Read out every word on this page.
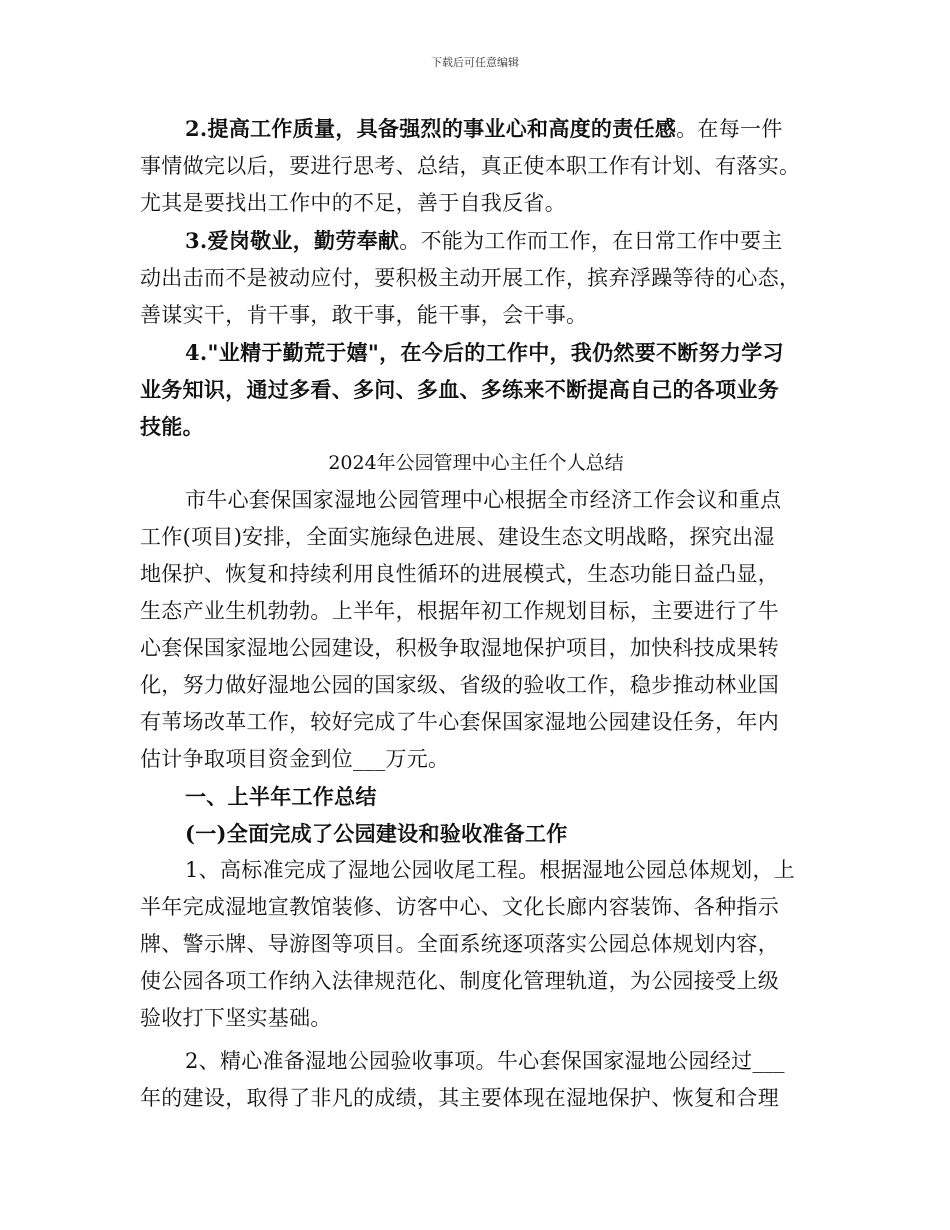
下载后可任意编辑

2.提高工作质量，具备强烈的事业心和高度的责任感。在每一件

事情做完以后，要进行思考、总结，真正使本职工作有计划、有落实。

尤其是要找出工作中的不足，善于自我反省。

3.爱岗敬业，勤劳奉献。不能为工作而工作，在日常工作中要主

动出击而不是被动应付，要积极主动开展工作，摈弃浮躁等待的心态，

善谋实干，肯干事，敢干事，能干事，会干事。

4."业精于勤荒于嬉"，在今后的工作中，我仍然要不断努力学习

业务知识，通过多看、多问、多血、多练来不断提高自己的各项业务

技能。

2024年公园管理中心主任个人总结

市牛心套保国家湿地公园管理中心根据全市经济工作会议和重点

工作(项目)安排，全面实施绿色进展、建设生态文明战略，探究出湿

地保护、恢复和持续利用良性循环的进展模式，生态功能日益凸显，

生态产业生机勃勃。上半年，根据年初工作规划目标，主要进行了牛

心套保国家湿地公园建设，积极争取湿地保护项目，加快科技成果转

化，努力做好湿地公园的国家级、省级的验收工作，稳步推动林业国

有苇场改革工作，较好完成了牛心套保国家湿地公园建设任务，年内

估计争取项目资金到位___万元。

一、上半年工作总结

(一)全面完成了公园建设和验收准备工作

1、高标准完成了湿地公园收尾工程。根据湿地公园总体规划，上

半年完成湿地宣教馆装修、访客中心、文化长廊内容装饰、各种指示

牌、警示牌、导游图等项目。全面系统逐项落实公园总体规划内容，

使公园各项工作纳入法律规范化、制度化管理轨道，为公园接受上级

验收打下坚实基础。

2、精心准备湿地公园验收事项。牛心套保国家湿地公园经过___

年的建设，取得了非凡的成绩，其主要体现在湿地保护、恢复和合理
